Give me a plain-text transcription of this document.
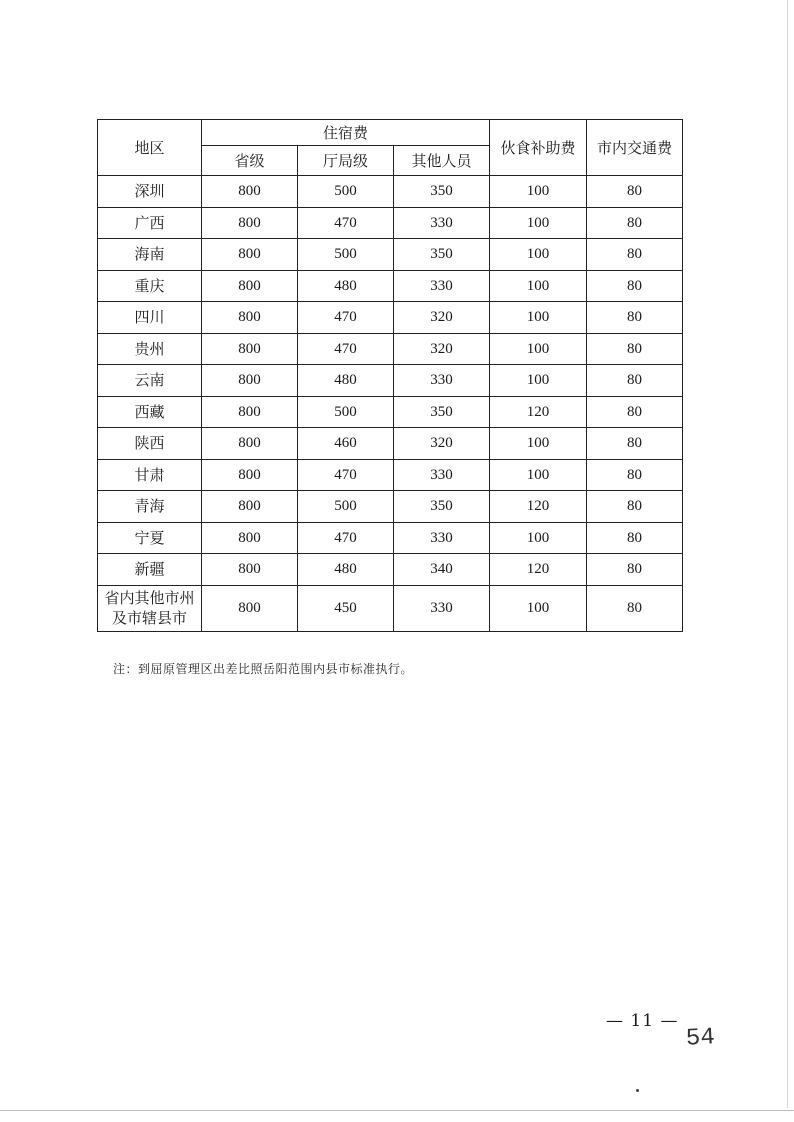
地区	住宿费			伙食补助费	市内交通费
	省级	厅局级	其他人员		
深圳	800	500	350	100	80
广西	800	470	330	100	80
海南	800	500	350	100	80
重庆	800	480	330	100	80
四川	800	470	320	100	80
贵州	800	470	320	100	80
云南	800	480	330	100	80
西藏	800	500	350	120	80
陕西	800	460	320	100	80
甘肃	800	470	330	100	80
青海	800	500	350	120	80
宁夏	800	470	330	100	80
新疆	800	480	340	120	80

省内其他市州
及市辖县市	800	450	330	100	80
注：到屈原管理区出差比照岳阳范围内县市标准执行。
— 11 —
54
